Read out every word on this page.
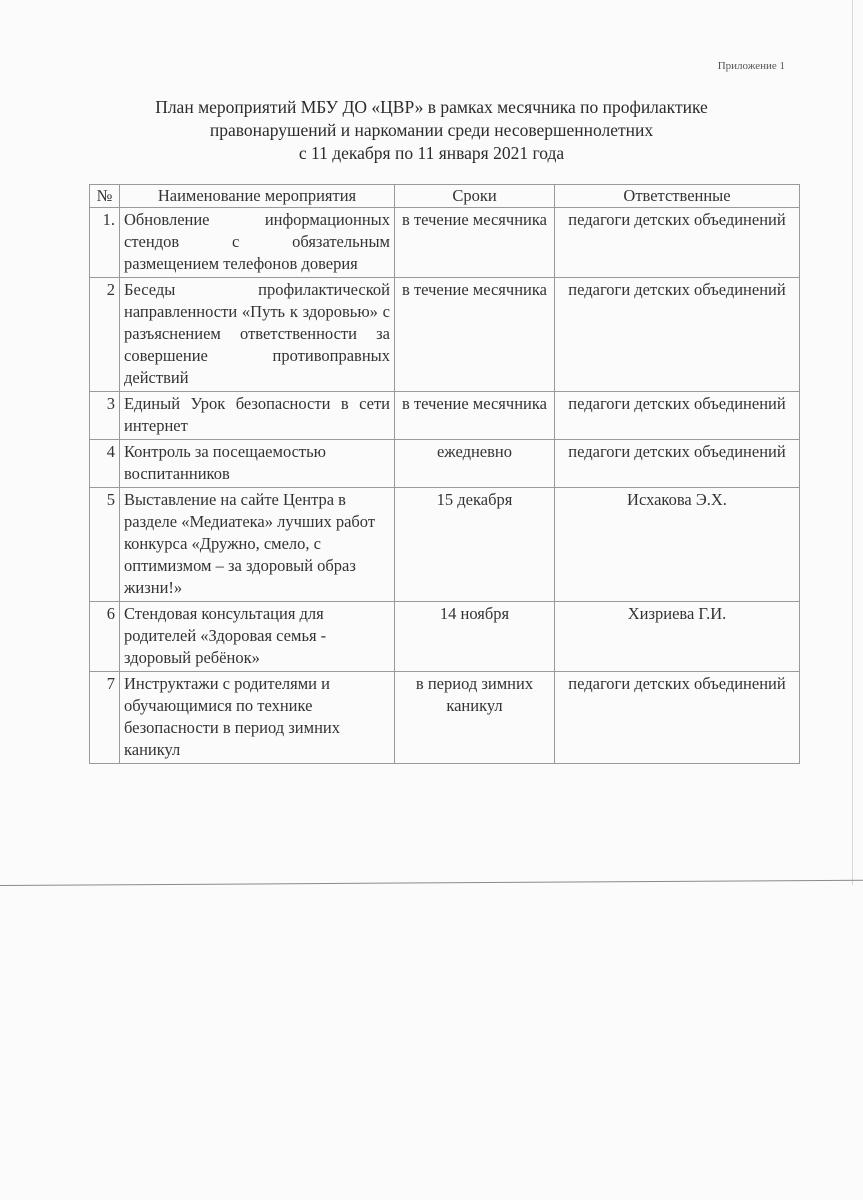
Приложение 1
План мероприятий МБУ ДО «ЦВР» в рамках месячника по профилактике
правонарушений и наркомании среди несовершеннолетних
с 11 декабря по 11 января 2021 года
№	Наименование мероприятия	Сроки	Ответственные
1.	Обновление информационных стендов с обязательным размещением телефонов доверия	в течение месячника	педагоги детских объединений
2	Беседы профилактической направленности «Путь к здоровью» с разъяснением ответственности за совершение противоправных действий	в течение месячника	педагоги детских объединений
3	Единый Урок безопасности в сети интернет	в течение месячника	педагоги детских объединений
4	Контроль за посещаемостью воспитанников	ежедневно	педагоги детских объединений
5	Выставление на сайте Центра в разделе «Медиатека» лучших работ конкурса «Дружно, смело, с оптимизмом – за здоровый образ жизни!»	15 декабря	Исхакова Э.Х.
6	Стендовая консультация для родителей «Здоровая семья - здоровый ребёнок»	14 ноября	Хизриева Г.И.
7	Инструктажи с родителями и обучающимися по технике безопасности в период зимних каникул	в период зимних каникул	педагоги детских объединений
